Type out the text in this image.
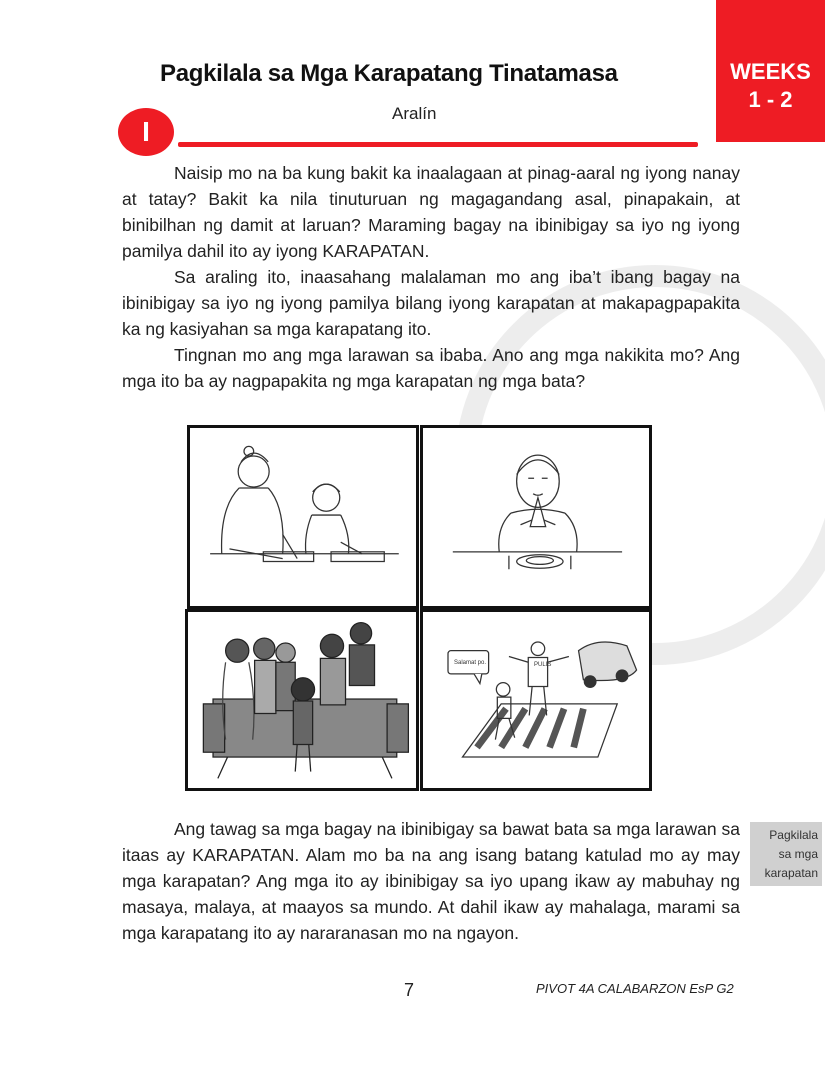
WEEKS
1 - 2
Pagkilala sa Mga Karapatang Tinatamasa
I
Aralín

Naisip mo na ba kung bakit ka inaalagaan at pinag-aaral ng iyong nanay at tatay? Bakit ka nila tinuturuan ng magagandang asal, pinapakain, at binibilhan ng damit at laruan? Maraming bagay na ibinibigay sa iyo ng iyong pamilya dahil ito ay iyong KARAPATAN.

Sa araling ito, inaasahang malalaman mo ang iba’t ibang bagay na ibinibigay sa iyo ng iyong pamilya bilang iyong karapatan at makapagpapakita ka ng kasiyahan sa mga karapatang ito.

Tingnan mo ang mga larawan sa ibaba. Ano ang mga nakikita mo? Ang mga ito ba ay nagpapakita ng mga karapatan ng mga bata?

Salamat po.	PULIS

Ang tawag sa mga bagay na ibinibigay sa bawat bata sa mga larawan sa itaas ay KARAPATAN. Alam mo ba na ang isang batang katulad mo ay may mga karapatan? Ang mga ito ay ibinibigay sa iyo upang ikaw ay mabuhay ng masaya, malaya, at maayos sa mundo. At dahil ikaw ay mahalaga, marami sa mga karapatang ito ay nararanasan mo na ngayon.

Pagkilala
sa mga
karapatan
7	PIVOT 4A CALABARZON EsP G2
